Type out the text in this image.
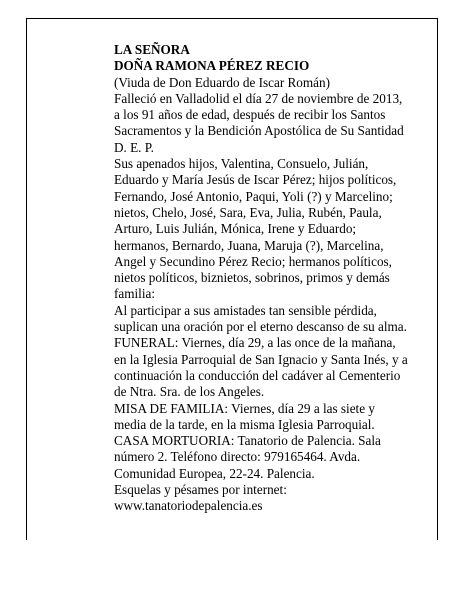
LA SEÑORA
DOÑA RAMONA PÉREZ RECIO
(Viuda de Don Eduardo de Iscar Román)
Falleció en Valladolid el día 27 de noviembre de 2013,
a los 91 años de edad, después de recibir los Santos
Sacramentos y la Bendición Apostólica de Su Santidad
D. E. P.
Sus apenados hijos, Valentina, Consuelo, Julián,
Eduardo y María Jesús de Iscar Pérez; hijos políticos,
Fernando, José Antonio, Paqui, Yoli (?) y Marcelino;
nietos, Chelo, José, Sara, Eva, Julia, Rubén, Paula,
Arturo, Luis Julián, Mónica, Irene y Eduardo;
hermanos, Bernardo, Juana, Maruja (?), Marcelina,
Angel y Secundino Pérez Recio; hermanos políticos,
nietos políticos, biznietos, sobrinos, primos y demás
familia:
Al participar a sus amistades tan sensible pérdida,
suplican una oración por el eterno descanso de su alma.
FUNERAL: Viernes, día 29, a las once de la mañana,
en la Iglesia Parroquial de San Ignacio y Santa Inés, y a
continuación la conducción del cadáver al Cementerio
de Ntra. Sra. de los Angeles.
MISA DE FAMILIA: Viernes, día 29 a las siete y
media de la tarde, en la misma Iglesia Parroquial.
CASA MORTUORIA: Tanatorio de Palencia. Sala
número 2. Teléfono directo: 979165464. Avda.
Comunidad Europea, 22-24. Palencia.
Esquelas y pésames por internet:
www.tanatoriodepalencia.es
